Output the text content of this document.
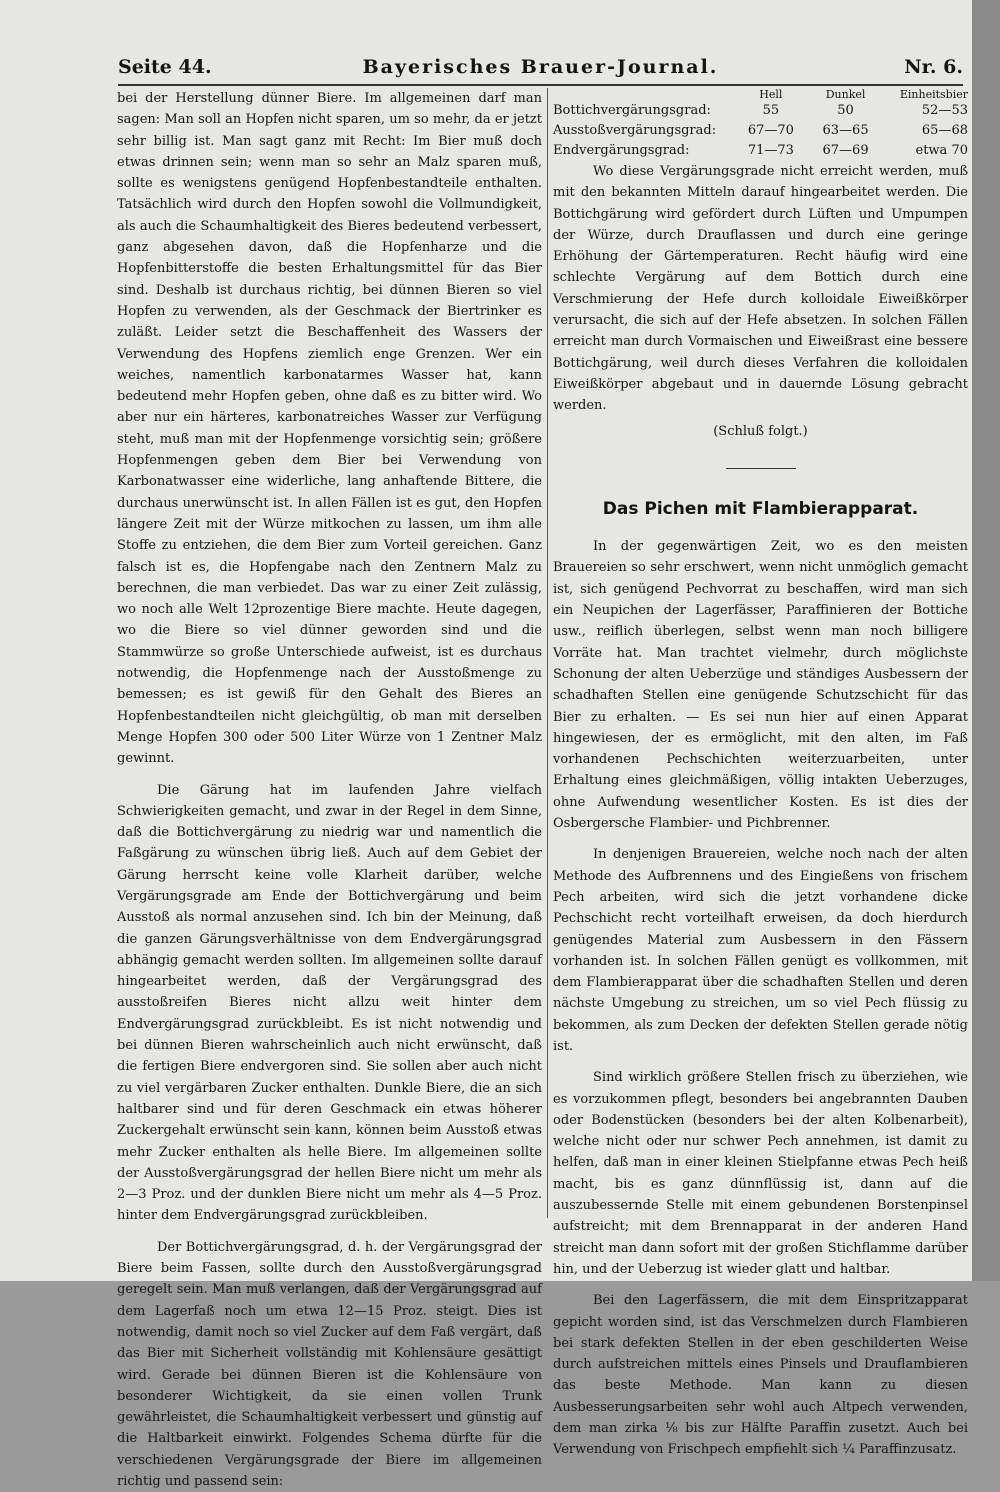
Seite 44.	Bayerisches Brauer-Journal.	Nr. 6.

bei der Herstellung dünner Biere. Im allgemeinen darf man sagen: Man soll an Hopfen nicht sparen, um so mehr, da er jetzt sehr billig ist. Man sagt ganz mit Recht: Im Bier muß doch etwas drinnen sein; wenn man so sehr an Malz sparen muß, sollte es wenigstens genügend Hopfenbestandteile enthalten. Tatsächlich wird durch den Hopfen sowohl die Vollmundigkeit, als auch die Schaumhaltigkeit des Bieres bedeutend verbessert, ganz abgesehen davon, daß die Hopfenharze und die Hopfenbitterstoffe die besten Erhaltungsmittel für das Bier sind. Deshalb ist durchaus richtig, bei dünnen Bieren so viel Hopfen zu verwenden, als der Geschmack der Biertrinker es zuläßt. Leider setzt die Beschaffenheit des Wassers der Verwendung des Hopfens ziemlich enge Grenzen. Wer ein weiches, namentlich karbonatarmes Wasser hat, kann bedeutend mehr Hopfen geben, ohne daß es zu bitter wird. Wo aber nur ein härteres, karbonatreiches Wasser zur Verfügung steht, muß man mit der Hopfenmenge vorsichtig sein; größere Hopfenmengen geben dem Bier bei Verwendung von Karbonatwasser eine widerliche, lang anhaftende Bittere, die durchaus unerwünscht ist. In allen Fällen ist es gut, den Hopfen längere Zeit mit der Würze mitkochen zu lassen, um ihm alle Stoffe zu entziehen, die dem Bier zum Vorteil gereichen. Ganz falsch ist es, die Hopfengabe nach den Zentnern Malz zu berechnen, die man verbiedet. Das war zu einer Zeit zulässig, wo noch alle Welt 12prozentige Biere machte. Heute dagegen, wo die Biere so viel dünner geworden sind und die Stammwürze so große Unterschiede aufweist, ist es durchaus notwendig, die Hopfenmenge nach der Ausstoßmenge zu bemessen; es ist gewiß für den Gehalt des Bieres an Hopfenbestandteilen nicht gleichgültig, ob man mit derselben Menge Hopfen 300 oder 500 Liter Würze von 1 Zentner Malz gewinnt.

Die Gärung hat im laufenden Jahre vielfach Schwierigkeiten gemacht, und zwar in der Regel in dem Sinne, daß die Bottichvergärung zu niedrig war und namentlich die Faßgärung zu wünschen übrig ließ. Auch auf dem Gebiet der Gärung herrscht keine volle Klarheit darüber, welche Vergärungsgrade am Ende der Bottichvergärung und beim Ausstoß als normal anzusehen sind. Ich bin der Meinung, daß die ganzen Gärungsverhältnisse von dem Endvergärungsgrad abhängig gemacht werden sollten. Im allgemeinen sollte darauf hingearbeitet werden, daß der Vergärungsgrad des ausstoßreifen Bieres nicht allzu weit hinter dem Endvergärungsgrad zurückbleibt. Es ist nicht notwendig und bei dünnen Bieren wahrscheinlich auch nicht erwünscht, daß die fertigen Biere endvergoren sind. Sie sollen aber auch nicht zu viel vergärbaren Zucker enthalten. Dunkle Biere, die an sich haltbarer sind und für deren Geschmack ein etwas höherer Zuckergehalt erwünscht sein kann, können beim Ausstoß etwas mehr Zucker enthalten als helle Biere. Im allgemeinen sollte der Ausstoßvergärungsgrad der hellen Biere nicht um mehr als 2—3 Proz. und der dunklen Biere nicht um mehr als 4—5 Proz. hinter dem Endvergärungsgrad zurückbleiben.

Der Bottichvergärungsgrad, d. h. der Vergärungsgrad der Biere beim Fassen, sollte durch den Ausstoßvergärungsgrad geregelt sein. Man muß verlangen, daß der Vergärungsgrad auf dem Lagerfaß noch um etwa 12—15 Proz. steigt. Dies ist notwendig, damit noch so viel Zucker auf dem Faß vergärt, daß das Bier mit Sicherheit vollständig mit Kohlensäure gesättigt wird. Gerade bei dünnen Bieren ist die Kohlensäure von besonderer Wichtigkeit, da sie einen vollen Trunk gewährleistet, die Schaumhaltigkeit verbessert und günstig auf die Haltbarkeit einwirkt. Folgendes Schema dürfte für die verschiedenen Vergärungsgrade der Biere im allgemeinen richtig und passend sein:

	Hell	Dunkel	Einheitsbier
Bottichvergärungsgrad:	55	50	52—53
Ausstoßvergärungsgrad:	67—70	63—65	65—68
Endvergärungsgrad:	71—73	67—69	etwa 70

Wo diese Vergärungsgrade nicht erreicht werden, muß mit den bekannten Mitteln darauf hingearbeitet werden. Die Bottichgärung wird gefördert durch Lüften und Umpumpen der Würze, durch Drauflassen und durch eine geringe Erhöhung der Gärtemperaturen. Recht häufig wird eine schlechte Vergärung auf dem Bottich durch eine Verschmierung der Hefe durch kolloidale Eiweißkörper verursacht, die sich auf der Hefe absetzen. In solchen Fällen erreicht man durch Vormaischen und Eiweißrast eine bessere Bottichgärung, weil durch dieses Verfahren die kolloidalen Eiweißkörper abgebaut und in dauernde Lösung gebracht werden.

(Schluß folgt.)

Das Pichen mit Flambierapparat.

In der gegenwärtigen Zeit, wo es den meisten Brauereien so sehr erschwert, wenn nicht unmöglich gemacht ist, sich genügend Pechvorrat zu beschaffen, wird man sich ein Neupichen der Lagerfässer, Paraffinieren der Bottiche usw., reiflich überlegen, selbst wenn man noch billigere Vorräte hat. Man trachtet vielmehr, durch möglichste Schonung der alten Ueberzüge und ständiges Ausbessern der schadhaften Stellen eine genügende Schutzschicht für das Bier zu erhalten. — Es sei nun hier auf einen Apparat hingewiesen, der es ermöglicht, mit den alten, im Faß vorhandenen Pechschichten weiterzuarbeiten, unter Erhaltung eines gleichmäßigen, völlig intakten Ueberzuges, ohne Aufwendung wesentlicher Kosten. Es ist dies der Osbergersche Flambier- und Pichbrenner.

In denjenigen Brauereien, welche noch nach der alten Methode des Aufbrennens und des Eingießens von frischem Pech arbeiten, wird sich die jetzt vorhandene dicke Pechschicht recht vorteilhaft erweisen, da doch hierdurch genügendes Material zum Ausbessern in den Fässern vorhanden ist. In solchen Fällen genügt es vollkommen, mit dem Flambierapparat über die schadhaften Stellen und deren nächste Umgebung zu streichen, um so viel Pech flüssig zu bekommen, als zum Decken der defekten Stellen gerade nötig ist.

Sind wirklich größere Stellen frisch zu überziehen, wie es vorzukommen pflegt, besonders bei angebrannten Dauben oder Bodenstücken (besonders bei der alten Kolbenarbeit), welche nicht oder nur schwer Pech annehmen, ist damit zu helfen, daß man in einer kleinen Stielpfanne etwas Pech heiß macht, bis es ganz dünnflüssig ist, dann auf die auszubessernde Stelle mit einem gebundenen Borstenpinsel aufstreicht; mit dem Brennapparat in der anderen Hand streicht man dann sofort mit der großen Stichflamme darüber hin, und der Ueberzug ist wieder glatt und haltbar.

Bei den Lagerfässern, die mit dem Einspritzapparat gepicht worden sind, ist das Verschmelzen durch Flambieren bei stark defekten Stellen in der eben geschilderten Weise durch aufstreichen mittels eines Pinsels und Drauflambieren das beste Methode. Man kann zu diesen Ausbesserungsarbeiten sehr wohl auch Altpech verwenden, dem man zirka ⅛ bis zur Hälfte Paraffin zusetzt. Auch bei Verwendung von Frischpech empfiehlt sich ¼ Paraffinzusatz.
